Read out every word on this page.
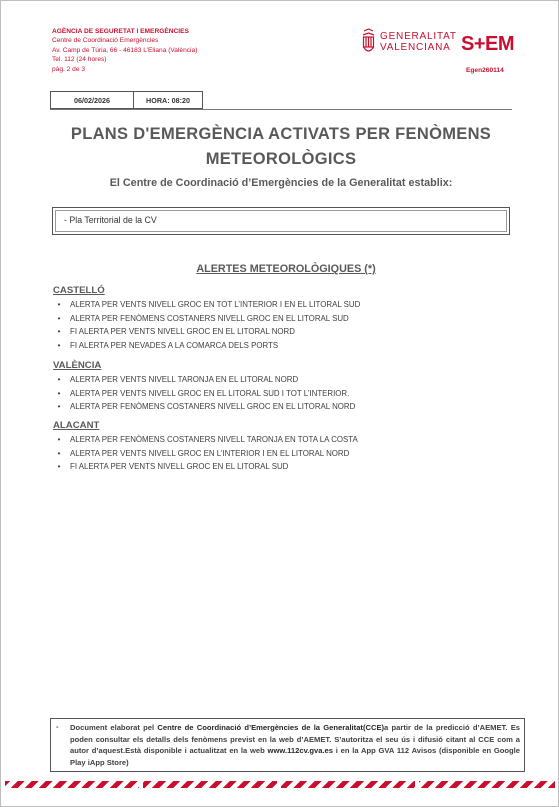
AGÈNCIA DE SEGURETAT I EMERGÈNCIES
Centre de Coordinació Emergències
Av. Camp de Túria, 66 - 46183 L’Eliana (València)
Tel. 112 (24 hores)
pàg. 2 de 3
GENERALITAT
VALENCIANA S+EM
Egen260114
06/02/2026	HORA: 08:20
PLANS D'EMERGÈNCIA ACTIVATS PER FENÒMENS METEOROLÒGICS
El Centre de Coordinació d’Emergències de la Generalitat establix:
- Pla Territorial de la CV
ALERTES METEOROLÒGIQUES (*)
CASTELLÓ
•	ALERTA PER VENTS NIVELL GROC EN TOT L’INTERIOR I EN EL LITORAL SUD
•	ALERTA PER FENÒMENS COSTANERS NIVELL GROC EN EL LITORAL SUD
•	FI ALERTA PER VENTS NIVELL GROC EN EL LITORAL NORD
•	FI ALERTA PER NEVADES A LA COMARCA DELS PORTS
VALÈNCIA
•	ALERTA PER VENTS NIVELL TARONJA EN EL LITORAL NORD
•	ALERTA PER VENTS NIVELL GROC EN EL LITORAL SUD I TOT L’INTERIOR.
•	ALERTA PER FENÒMENS COSTANERS NIVELL GROC EN EL LITORAL NORD
ALACANT
•	ALERTA PER FENÒMENS COSTANERS NIVELL TARONJA EN TOTA LA COSTA
•	ALERTA PER VENTS NIVELL GROC EN L’INTERIOR I EN EL LITORAL NORD
•	FI ALERTA PER VENTS NIVELL GROC EN EL LITORAL SUD
- Document elaborat pel Centre de Coordinació d’Emergències de la Generalitat(CCE)a partir de la predicció d’AEMET. Es poden consultar els detalls dels fenòmens previst en la web d’AEMET. S’autoritza el seu ús i difusió citant al CCE com a autor d’aquest.Està disponible i actualitzat en la web www.112cv.gva.es i en la App GVA 112 Avisos (disponible en Google Play iApp Store)
